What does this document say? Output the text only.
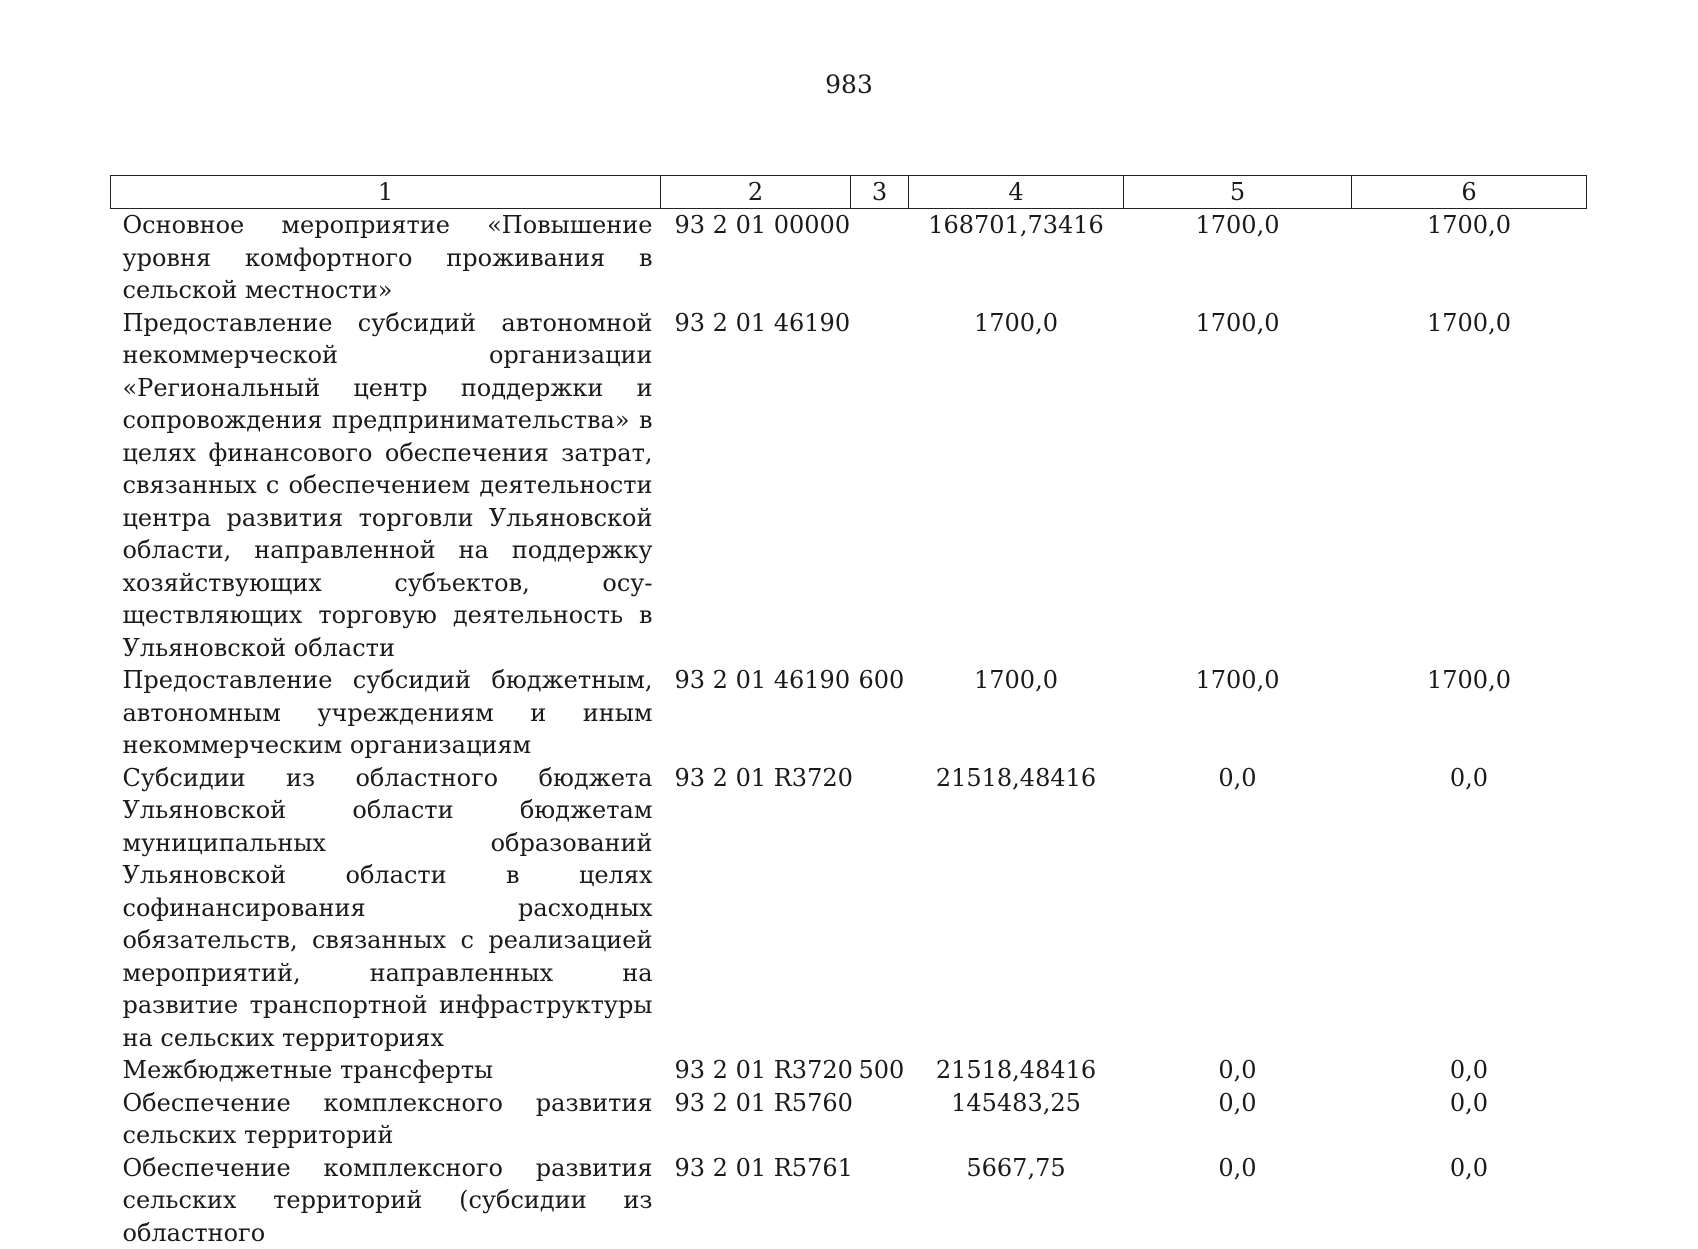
983
1	2	3	4	5	6
Основное мероприятие «Повышение уровня комфортного проживания в сельской местности»	93 2 01 00000		168701,73416	1700,0	1700,0
Предоставление субсидий автономной некоммерческой организации «Региональный центр поддержки и сопровождения предпринимательства» в целях финансового обеспечения затрат, связанных с обеспечением деятельности центра развития торговли Ульяновской области, направленной на поддержку хозяйствующих субъектов, осуществляющих торговую деятельность в Ульяновской области	93 2 01 46190		1700,0	1700,0	1700,0
Предоставление субсидий бюджетным, автономным учреждениям и иным некоммерческим организациям	93 2 01 46190	600	1700,0	1700,0	1700,0
Субсидии из областного бюджета Ульяновской области бюджетам муниципальных образований Ульяновской области в целях софинансирования расходных обязательств, связанных с реализацией мероприятий, направленных на развитие транспортной инфраструктуры на сельских территориях	93 2 01 R3720		21518,48416	0,0	0,0
Межбюджетные трансферты	93 2 01 R3720	500	21518,48416	0,0	0,0
Обеспечение комплексного развития сельских территорий	93 2 01 R5760		145483,25	0,0	0,0
Обеспечение комплексного развития сельских территорий (субсидии из областного	93 2 01 R5761		5667,75	0,0	0,0
